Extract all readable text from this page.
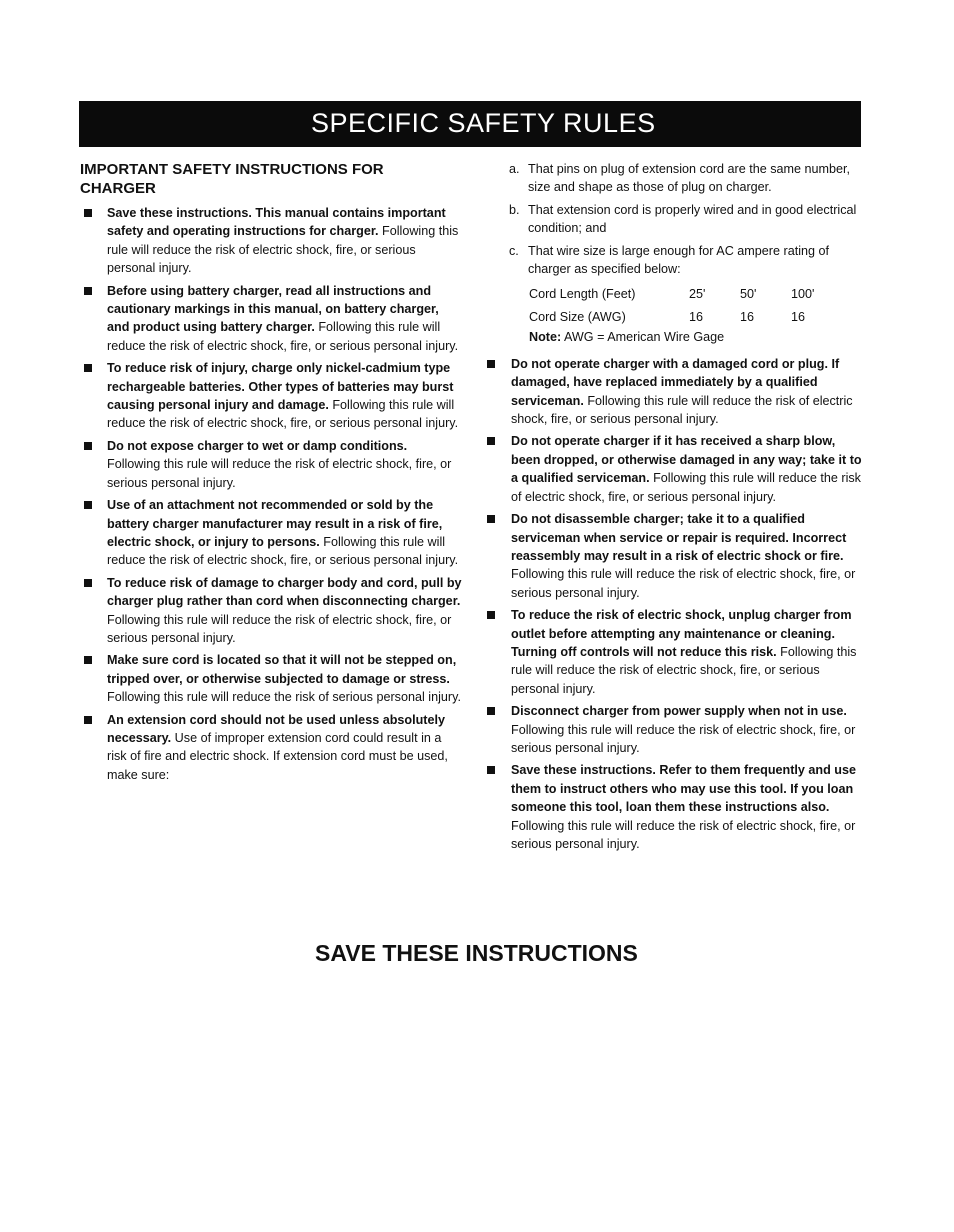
SPECIFIC SAFETY RULES
IMPORTANT SAFETY INSTRUCTIONS FOR CHARGER
Save these instructions. This manual contains important safety and operating instructions for charger. Following this rule will reduce the risk of electric shock, fire, or serious personal injury.
Before using battery charger, read all instructions and cautionary markings in this manual, on battery charger, and product using battery charger. Following this rule will reduce the risk of electric shock, fire, or serious personal injury.
To reduce risk of injury, charge only nickel-cadmium type rechargeable batteries. Other types of batteries may burst causing personal injury and damage. Following this rule will reduce the risk of electric shock, fire, or serious personal injury.
Do not expose charger to wet or damp conditions. Following this rule will reduce the risk of electric shock, fire, or serious personal injury.
Use of an attachment not recommended or sold by the battery charger manufacturer may result in a risk of fire, electric shock, or injury to persons. Following this rule will reduce the risk of electric shock, fire, or serious personal injury.
To reduce risk of damage to charger body and cord, pull by charger plug rather than cord when disconnecting charger. Following this rule will reduce the risk of electric shock, fire, or serious personal injury.
Make sure cord is located so that it will not be stepped on, tripped over, or otherwise subjected to damage or stress. Following this rule will reduce the risk of serious personal injury.
An extension cord should not be used unless absolutely necessary. Use of improper extension cord could result in a risk of fire and electric shock. If extension cord must be used, make sure:
a. That pins on plug of extension cord are the same number, size and shape as those of plug on charger.
b. That extension cord is properly wired and in good electrical condition; and
c. That wire size is large enough for AC ampere rating of charger as specified below:
Cord Length (Feet)	25'	50'	100'
Cord Size (AWG)	16	16	16
Note: AWG = American Wire Gage
Do not operate charger with a damaged cord or plug. If damaged, have replaced immediately by a qualified serviceman. Following this rule will reduce the risk of electric shock, fire, or serious personal injury.
Do not operate charger if it has received a sharp blow, been dropped, or otherwise damaged in any way; take it to a qualified serviceman. Following this rule will reduce the risk of electric shock, fire, or serious personal injury.
Do not disassemble charger; take it to a qualified serviceman when service or repair is required. Incorrect reassembly may result in a risk of electric shock or fire. Following this rule will reduce the risk of electric shock, fire, or serious personal injury.
To reduce the risk of electric shock, unplug charger from outlet before attempting any maintenance or cleaning. Turning off controls will not reduce this risk. Following this rule will reduce the risk of electric shock, fire, or serious personal injury.
Disconnect charger from power supply when not in use. Following this rule will reduce the risk of electric shock, fire, or serious personal injury.
Save these instructions. Refer to them frequently and use them to instruct others who may use this tool. If you loan someone this tool, loan them these instructions also. Following this rule will reduce the risk of electric shock, fire, or serious personal injury.
SAVE THESE INSTRUCTIONS
